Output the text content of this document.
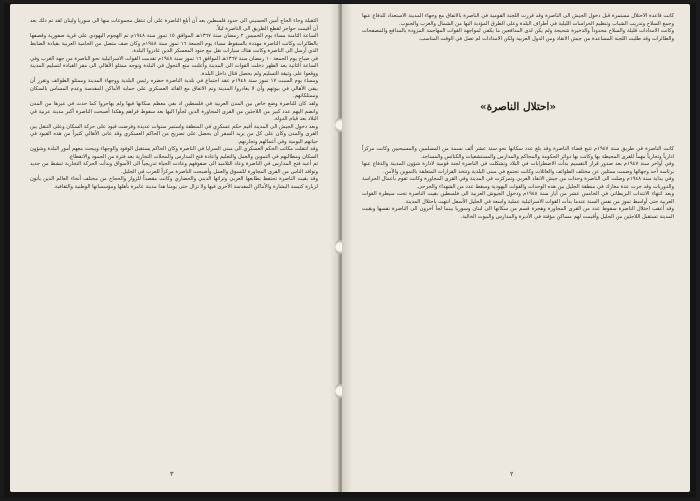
الثقيلة وجاء الحاج أمين الحسيني الى حدود فلسطين بعد أن أبلغ الناصرة على أن تنتقل مجموعات منها الى سوريا ولبنان لقد تم ذلك بعد أن أقيمت حواجز لقطع الطريق الى الناصرة ليلاً.

الساعة الثامنة مساء يوم الخميس ٢ رمضان سنة ١٣٦٧هـ الموافق ١٥ تموز سنة ١٩٤٨م تم الهجوم اليهودي على قرية صفورية وقصفها بالطائرات وكانت الناصرة مهددة بالسقوط مساء يوم الجمعة ١٦ تموز سنة ١٩٤٨م وكان صف متصل من الحامية العربية بقيادة الضابط الذي أرسل الى الناصرة وكانت هناك سيارات نقل مع جنود المعسكر الذين غادروا البلدة.

في صباح يوم الجمعة ١٠ رمضان سنة ١٣٦٧هـ الموافق ١٦ تموز سنة ١٩٤٨م تقدمت القوات الاسرائيلية نحو الناصرة من جهة الغرب وفي الساعة الثانية بعد الظهر دخلت القوات الى المدينة وأعلنت منع التجول في البلدة وتوجه ممثلو الأهالي الى مقر القيادة لتسليم المدينة ووقعوا على وثيقة التسليم ولم يحصل قتال داخل البلدة.

ومساء يوم السبت ١٧ تموز سنة ١٩٤٨م عقد اجتماع في بلدية الناصرة حضره رئيس البلدية ووجهاء المدينة وممثلو الطوائف وتقرر أن يبقى الأهالي في بيوتهم وأن لا يغادروا المدينة وتم الاتفاق مع القائد العسكري على حماية الأماكن المقدسة وعدم المساس بالسكان وممتلكاتهم.

ولقد كان للناصرة وضع خاص بين المدن العربية في فلسطين اذ بقي معظم سكانها فيها ولم يهاجروا كما حدث في غيرها من المدن وانضم اليهم عدد كبير من اللاجئين من القرى المجاورة الذين لجأوا اليها بعد سقوط قراهم وهكذا أصبحت الناصرة أكبر مدينة عربية في البلاد بعد قيام الدولة.

وبعد دخول الجيش الى المدينة أقيم حكم عسكري في المنطقة واستمر سنوات عديدة وفرضت قيود على حركة السكان وعلى التنقل بين القرى والمدن وكان على كل من يريد السفر أن يحصل على تصريح من الحاكم العسكري وقد عانى الأهالي كثيراً من هذه القيود في حياتهم اليومية وفي أعمالهم وتجارتهم.

وقد انتقلت مكاتب الحكم العسكري الى مبنى السرايا في الناصرة وكان الحاكم يستقبل الوفود والوجهاء ويبحث معهم أمور البلدة وشؤون السكان ومطالبهم في التموين والعمل والتعليم واعادة فتح المدارس والمحلات التجارية بعد فترة من الجمود والانقطاع.

ثم أعيد فتح المدارس في الناصرة وعاد التلاميذ الى صفوفهم وعادت الحياة تدريجياً الى الأسواق وبدأت الحركة التجارية تنشط من جديد وتوافد الناس من القرى المجاورة للتسوق والعمل وأصبحت الناصرة مركزاً للعرب في الجليل.

وقد بقيت الناصرة تحتفظ بطابعها العربي وتراثها الديني والحضاري وكانت مقصداً للزوار والحجاج من مختلف أنحاء العالم الذين يأتون لزيارة كنيسة البشارة والأماكن المقدسة الأخرى فيها ولا تزال حتى يومنا هذا مدينة عامرة بأهلها ومؤسساتها الوطنية والثقافية.

٣

كانت قاعدة الاحتلال مستمرة قبل دخول الجيش الى الناصرة وقد قررت اللجنة القومية في الناصرة بالاتفاق مع وجهاء المدينة الاستعداد للدفاع عنها وجمع السلاح وتدريب الشباب وتنظيم الحراسات الليلية في أطراف البلدة وعلى الطرق المؤدية اليها من الشمال والغرب والجنوب.

وكانت الامدادات قليلة والسلاح محدوداً والذخيرة شحيحة ولم يكن لدى المدافعين ما يكفي لمواجهة القوات المهاجمة المزودة بالمدافع والمصفحات والطائرات وقد طلبت اللجنة المساعدة من جيش الانقاذ ومن الدول العربية ولكن الامدادات لم تصل في الوقت المناسب.

«احتلال الناصرة»

كانت الناصرة في طريق سنة ١٩٤٧م تتبع قضاء الناصرة وقد بلغ عدد سكانها نحو ستة عشر ألف نسمة من المسلمين والمسيحيين وكانت مركزاً ادارياً وتجارياً مهماً للقرى المحيطة بها وكانت بها دوائر الحكومة والمحاكم والمدارس والمستشفيات والكنائس والمساجد.

وفي أواخر سنة ١٩٤٧م بعد صدور قرار التقسيم بدأت الاضطرابات في البلاد وتشكلت في الناصرة لجنة قومية لادارة شؤون المدينة والدفاع عنها برئاسة أحد وجهائها وضمت ممثلين عن مختلف الطوائف والعائلات وكانت تجتمع في مبنى البلدية وتتخذ القرارات المتعلقة بالتموين والأمن.

وفي بداية سنة ١٩٤٨م وصلت الى الناصرة وحدات من جيش الانقاذ العربي وتمركزت في المدينة وفي القرى المجاورة وكانت تقوم بأعمال الحراسة والدوريات وقد جرت عدة معارك في منطقة الجليل بين هذه الوحدات والقوات اليهودية وسقط عدد من الشهداء والجرحى.

وبعد انتهاء الانتداب البريطاني في الخامس عشر من أيار سنة ١٩٤٨م ودخول الجيوش العربية الى فلسطين بقيت الناصرة تحت سيطرة القوات العربية حتى أواسط تموز من نفس السنة عندما بدأت القوات الاسرائيلية عملية واسعة في الجليل الأسفل انتهت باحتلال المدينة.

وقد أعقب احتلال الناصرة سقوط عدد من القرى المجاورة وهجرة قسم من سكانها الى لبنان وسوريا بينما لجأ آخرون الى الناصرة نفسها وبقيت المدينة تستقبل اللاجئين من الجليل وأقيمت لهم مساكن مؤقتة في الأديرة والمدارس والبيوت الخالية.

٢
